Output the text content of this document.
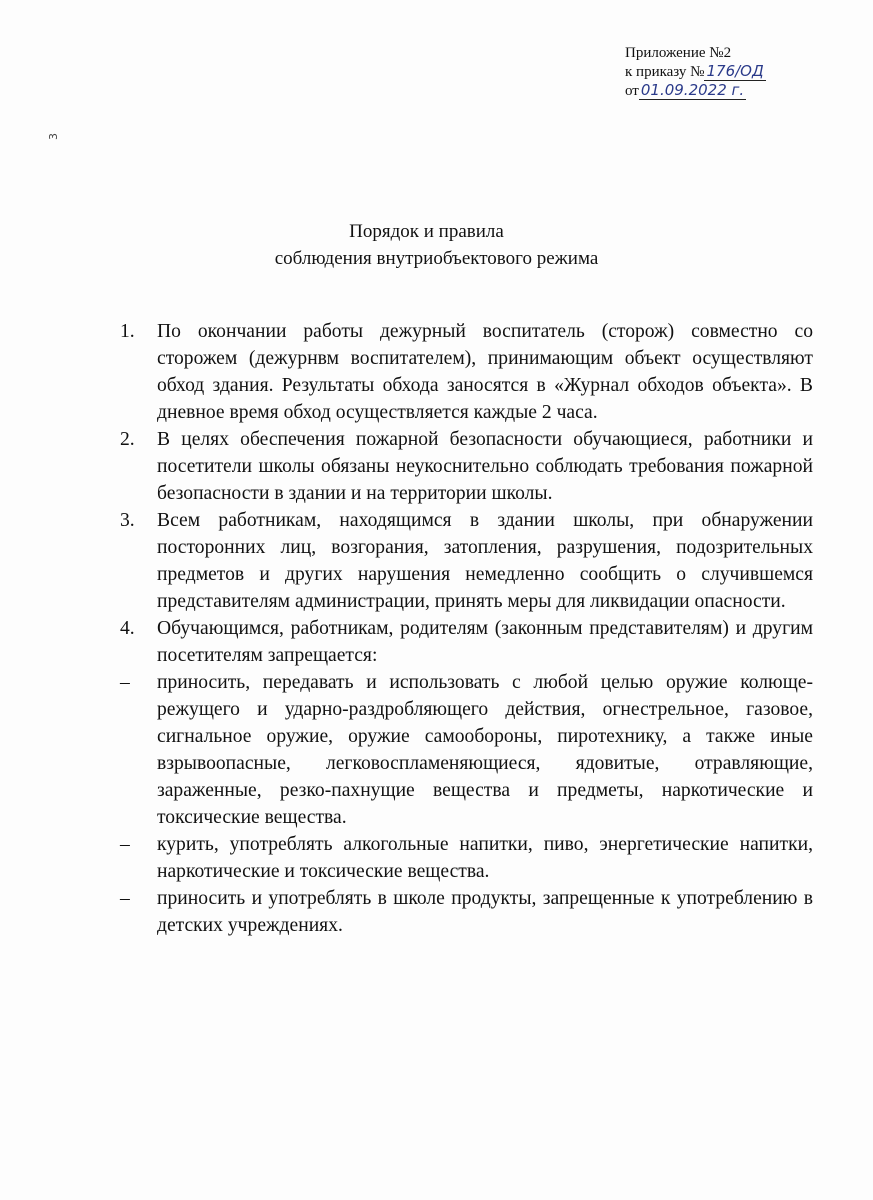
3
Приложение №2
к приказу № 176/ОД
от 01.09.2022 г.
Порядок и правила
соблюдения внутриобъектового режима
1.	По окончании работы дежурный воспитатель (сторож) совместно со сторожем (дежурнвм воспитателем), принимающим объект осуществляют обход здания. Результаты обхода заносятся в «Журнал обходов объекта». В дневное время обход осуществляется каждые 2 часа.
2.	В целях обеспечения пожарной безопасности обучающиеся, работники и посетители школы обязаны неукоснительно соблюдать требования пожарной безопасности в здании и на территории школы.
3.	Всем работникам, находящимся в здании школы, при обнаружении посторонних лиц, возгорания, затопления, разрушения, подозрительных предметов и других нарушения немедленно сообщить о случившемся представителям администрации, принять меры для ликвидации опасности.
4.	Обучающимся, работникам, родителям (законным представителям) и другим посетителям запрещается:
–	приносить, передавать и использовать с любой целью оружие колюще-режущего и ударно-раздробляющего действия, огнестрельное, газовое, сигнальное оружие, оружие самообороны, пиротехнику, а также иные взрывоопасные, легковоспламеняющиеся, ядовитые, отравляющие, зараженные, резко-пахнущие вещества и предметы, наркотические и токсические вещества.
–	курить, употреблять алкогольные напитки, пиво, энергетические напитки, наркотические и токсические вещества.
–	приносить и употреблять в школе продукты, запрещенные к употреблению в детских учреждениях.
